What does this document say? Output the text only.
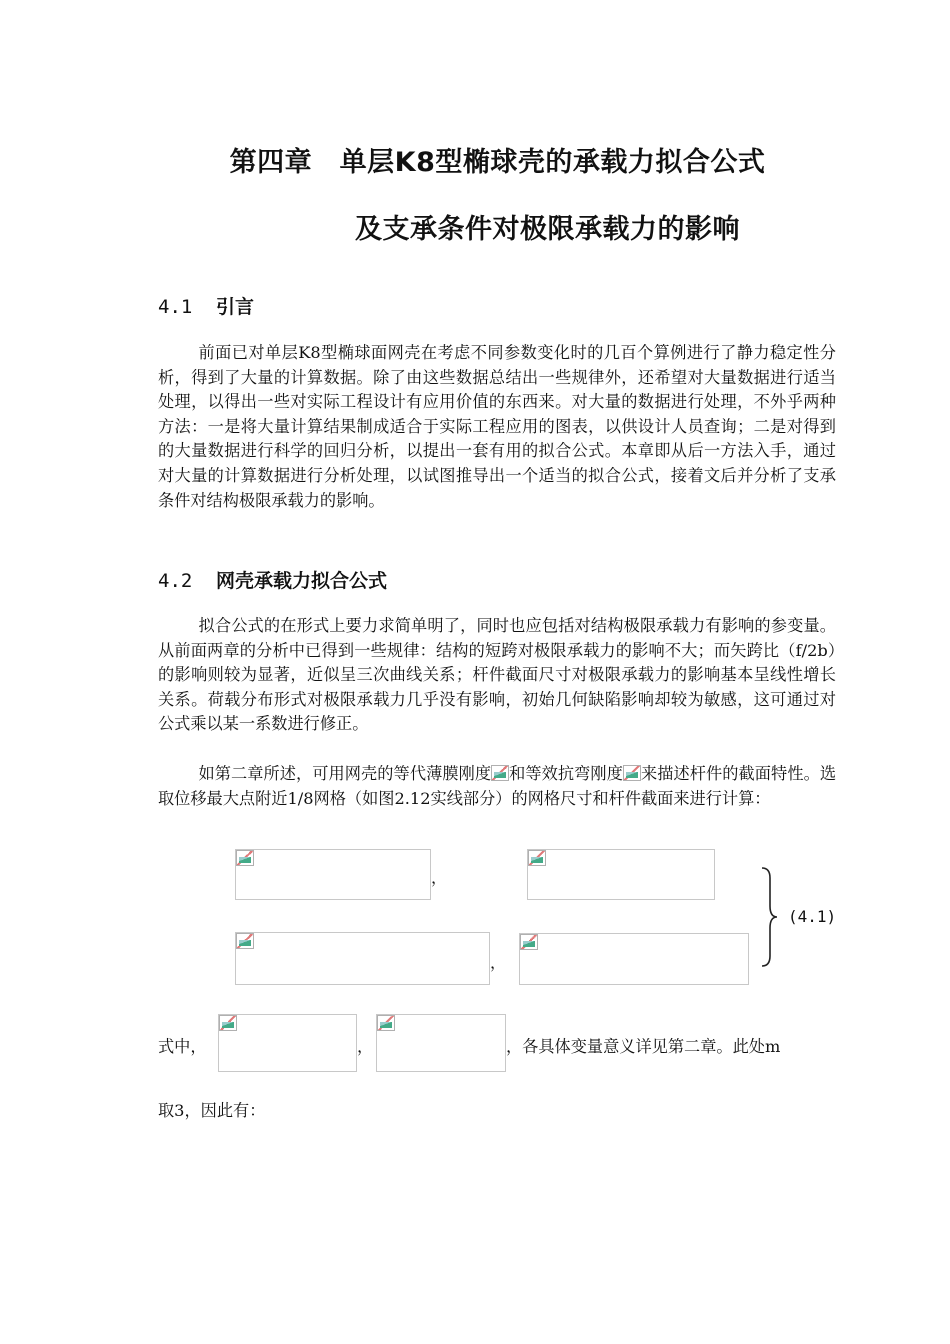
第四章　单层K8型椭球壳的承载力拟合公式
及支承条件对极限承载力的影响
4.1 引言

前面已对单层K8型椭球面网壳在考虑不同参数变化时的几百个算例进行了静力稳定性分析，得到了大量的计算数据。除了由这些数据总结出一些规律外，还希望对大量数据进行适当处理，以得出一些对实际工程设计有应用价值的东西来。对大量的数据进行处理，不外乎两种方法：一是将大量计算结果制成适合于实际工程应用的图表，以供设计人员查询；二是对得到的大量数据进行科学的回归分析，以提出一套有用的拟合公式。本章即从后一方法入手，通过对大量的计算数据进行分析处理，以试图推导出一个适当的拟合公式，接着文后并分析了支承条件对结构极限承载力的影响。

4.2 网壳承载力拟合公式

拟合公式的在形式上要力求简单明了，同时也应包括对结构极限承载力有影响的参变量。从前面两章的分析中已得到一些规律：结构的短跨对极限承载力的影响不大；而矢跨比（f/2b）的影响则较为显著，近似呈三次曲线关系；杆件截面尺寸对极限承载力的影响基本呈线性增长关系。荷载分布形式对极限承载力几乎没有影响，初始几何缺陷影响却较为敏感，这可通过对公式乘以某一系数进行修正。

如第二章所述，可用网壳的等代薄膜刚度 和等效抗弯刚度 来描述杆件的截面特性。选取位移最大点附近1/8网格（如图2.12实线部分）的网格尺寸和杆件截面来进行计算：

，
，
(4.1)
式中，	，	，各具体变量意义详见第二章。此处m
取3，因此有：
